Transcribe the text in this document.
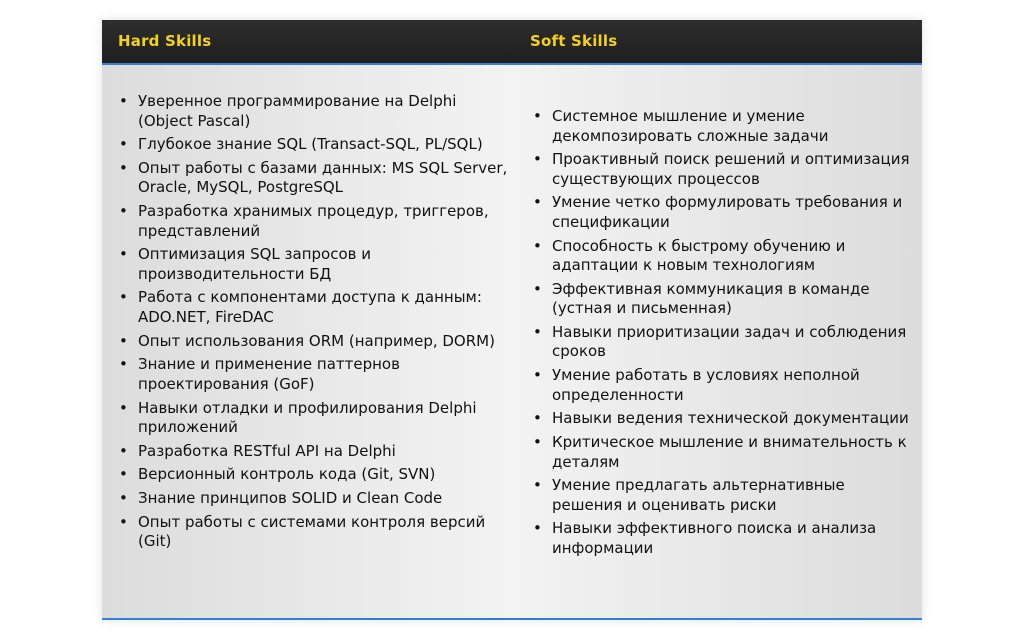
Hard Skills	Soft Skills
• Уверенное программирование на Delphi (Object Pascal)
• Глубокое знание SQL (Transact-SQL, PL/SQL)
• Опыт работы с базами данных: MS SQL Server, Oracle, MySQL, PostgreSQL
• Разработка хранимых процедур, триггеров, представлений
• Оптимизация SQL запросов и производительности БД
• Работа с компонентами доступа к данным: ADO.NET, FireDAC
• Опыт использования ORM (например, DORM)
• Знание и применение паттернов проектирования (GoF)
• Навыки отладки и профилирования Delphi приложений
• Разработка RESTful API на Delphi
• Версионный контроль кода (Git, SVN)
• Знание принципов SOLID и Clean Code
• Опыт работы с системами контроля версий (Git)
• Системное мышление и умение декомпозировать сложные задачи
• Проактивный поиск решений и оптимизация существующих процессов
• Умение четко формулировать требования и спецификации
• Способность к быстрому обучению и адаптации к новым технологиям
• Эффективная коммуникация в команде (устная и письменная)
• Навыки приоритизации задач и соблюдения сроков
• Умение работать в условиях неполной определенности
• Навыки ведения технической документации
• Критическое мышление и внимательность к деталям
• Умение предлагать альтернативные решения и оценивать риски
• Навыки эффективного поиска и анализа информации
